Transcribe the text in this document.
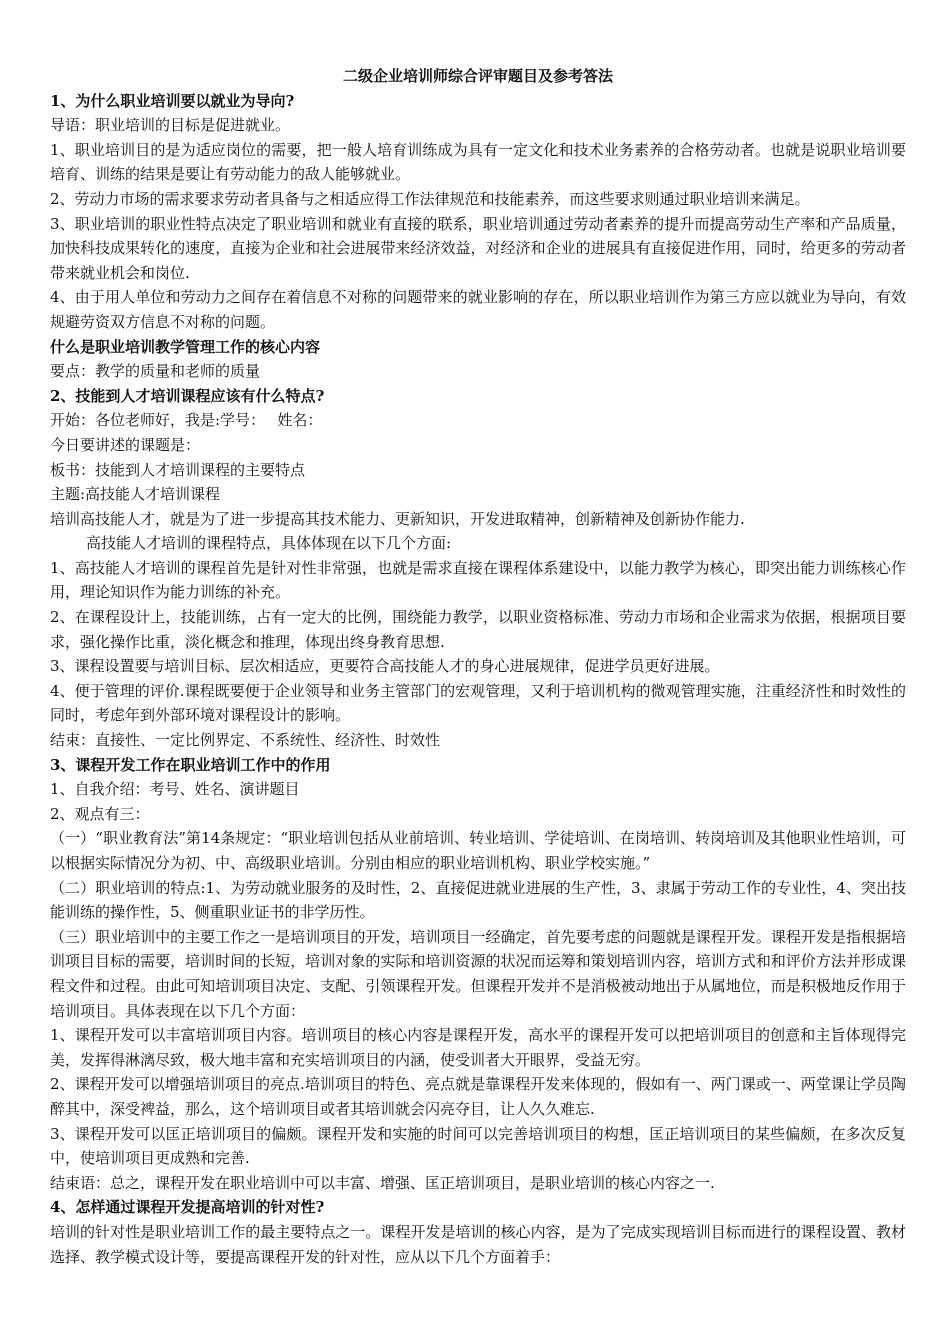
二级企业培训师综合评审题目及参考答法

1、为什么职业培训要以就业为导向?

导语：职业培训的目标是促进就业。

1、职业培训目的是为适应岗位的需要，把一般人培育训练成为具有一定文化和技术业务素养的合格劳动者。也就是说职业培训要培育、训练的结果是要让有劳动能力的敌人能够就业。

2、劳动力市场的需求要求劳动者具备与之相适应得工作法律规范和技能素养，而这些要求则通过职业培训来满足。

3、职业培训的职业性特点决定了职业培训和就业有直接的联系，职业培训通过劳动者素养的提升而提高劳动生产率和产品质量，加快科技成果转化的速度，直接为企业和社会进展带来经济效益，对经济和企业的进展具有直接促进作用，同时，给更多的劳动者带来就业机会和岗位.

4、由于用人单位和劳动力之间存在着信息不对称的问题带来的就业影响的存在，所以职业培训作为第三方应以就业为导向，有效规避劳资双方信息不对称的问题。

什么是职业培训教学管理工作的核心内容

要点：教学的质量和老师的质量

2、技能到人才培训课程应该有什么特点?

开始：各位老师好，我是:学号：　 姓名：

今日要讲述的课题是：

板书：技能到人才培训课程的主要特点

主题:高技能人才培训课程

培训高技能人才，就是为了进一步提高其技术能力、更新知识，开发进取精神，创新精神及创新协作能力.

高技能人才培训的课程特点，具体体现在以下几个方面:

1、高技能人才培训的课程首先是针对性非常强，也就是需求直接在课程体系建设中，以能力教学为核心，即突出能力训练核心作用，理论知识作为能力训练的补充。

2、在课程设计上，技能训练，占有一定大的比例，围绕能力教学，以职业资格标准、劳动力市场和企业需求为依据，根据项目要求，强化操作比重，淡化概念和推理，体现出终身教育思想.

3、课程设置要与培训目标、层次相适应，更要符合高技能人才的身心进展规律，促进学员更好进展。

4、便于管理的评价.课程既要便于企业领导和业务主管部门的宏观管理，又利于培训机构的微观管理实施，注重经济性和时效性的同时，考虑年到外部环境对课程设计的影响。

结束：直接性、一定比例界定、不系统性、经济性、时效性

3、课程开发工作在职业培训工作中的作用

1、自我介绍：考号、姓名、演讲题目

2、观点有三：

（一）“职业教育法”第14条规定：“职业培训包括从业前培训、转业培训、学徒培训、在岗培训、转岗培训及其他职业性培训，可以根据实际情况分为初、中、高级职业培训。分别由相应的职业培训机构、职业学校实施。”

（二）职业培训的特点:1、为劳动就业服务的及时性，2、直接促进就业进展的生产性，3、隶属于劳动工作的专业性，4、突出技能训练的操作性，5、侧重职业证书的非学历性。

（三）职业培训中的主要工作之一是培训项目的开发，培训项目一经确定，首先要考虑的问题就是课程开发。课程开发是指根据培训项目目标的需要，培训时间的长短，培训对象的实际和培训资源的状况而运筹和策划培训内容，培训方式和和评价方法并形成课程文件和过程。由此可知培训项目决定、支配、引领课程开发。但课程开发并不是消极被动地出于从属地位，而是积极地反作用于培训项目。具体表现在以下几个方面：

1、课程开发可以丰富培训项目内容。培训项目的核心内容是课程开发，高水平的课程开发可以把培训项目的创意和主旨体现得完美，发挥得淋漓尽致，极大地丰富和充实培训项目的内涵，使受训者大开眼界，受益无穷。

2、课程开发可以增强培训项目的亮点.培训项目的特色、亮点就是靠课程开发来体现的，假如有一、两门课或一、两堂课让学员陶醉其中，深受裨益，那么，这个培训项目或者其培训就会闪亮夺目，让人久久难忘.

3、课程开发可以匡正培训项目的偏颇。课程开发和实施的时间可以完善培训项目的构想，匡正培训项目的某些偏颇，在多次反复中，使培训项目更成熟和完善.

结束语：总之，课程开发在职业培训中可以丰富、增强、匡正培训项目，是职业培训的核心内容之一.

4、怎样通过课程开发提高培训的针对性?

培训的针对性是职业培训工作的最主要特点之一。课程开发是培训的核心内容，是为了完成实现培训目标而进行的课程设置、教材选择、教学模式设计等，要提高课程开发的针对性，应从以下几个方面着手：
